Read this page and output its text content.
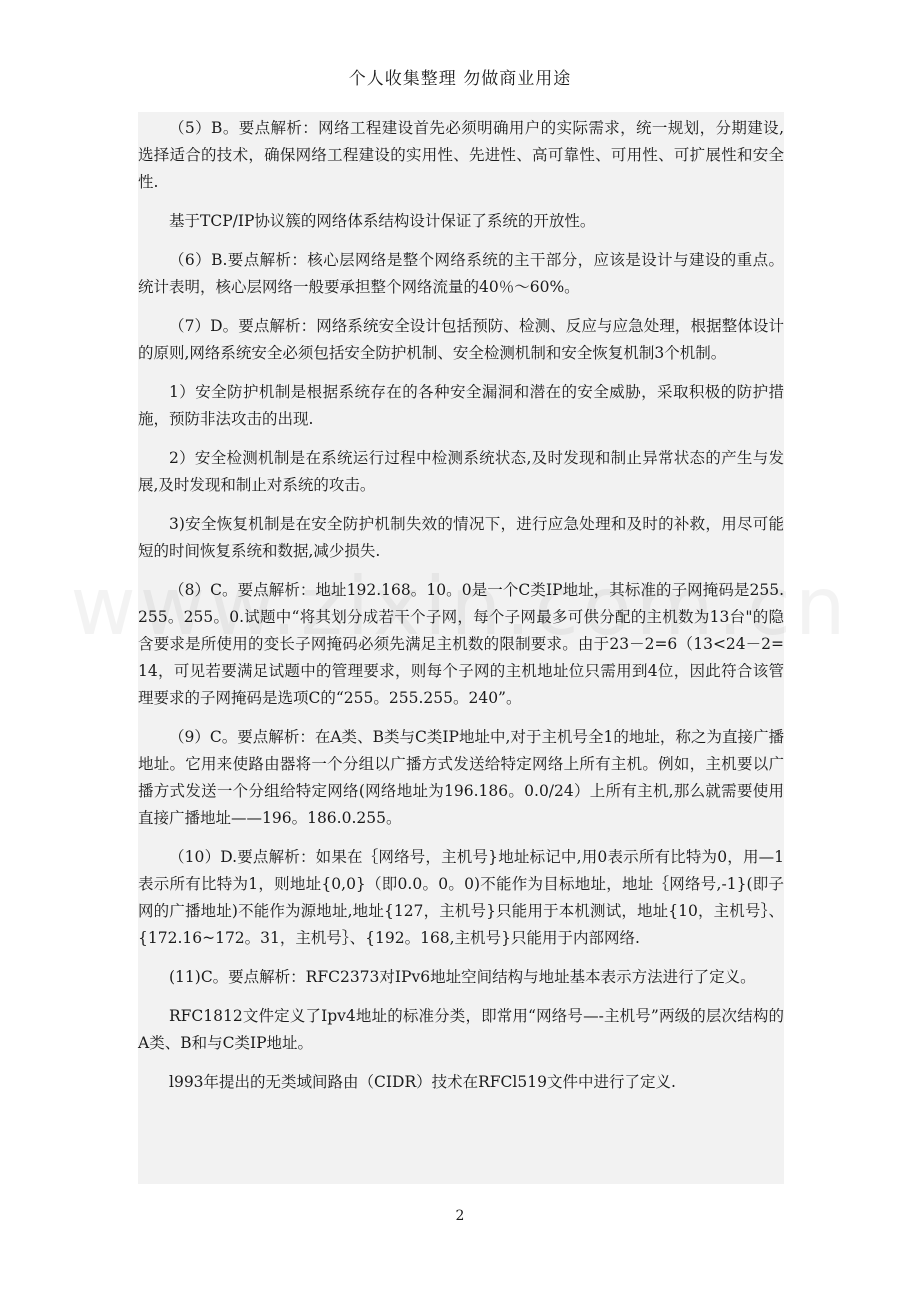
个人收集整理 勿做商业用途

（5）B。要点解析：网络工程建设首先必须明确用户的实际需求，统一规划，分期建设,选择适合的技术，确保网络工程建设的实用性、先进性、高可靠性、可用性、可扩展性和安全性.

基于TCP/IP协议簇的网络体系结构设计保证了系统的开放性。

（6）B.要点解析：核心层网络是整个网络系统的主干部分，应该是设计与建设的重点。统计表明，核心层网络一般要承担整个网络流量的40％～60%。

（7）D。要点解析：网络系统安全设计包括预防、检测、反应与应急处理，根据整体设计的原则,网络系统安全必须包括安全防护机制、安全检测机制和安全恢复机制3个机制。

1）安全防护机制是根据系统存在的各种安全漏洞和潜在的安全威胁，采取积极的防护措施，预防非法攻击的出现.

2）安全检测机制是在系统运行过程中检测系统状态,及时发现和制止异常状态的产生与发展,及时发现和制止对系统的攻击。

3)安全恢复机制是在安全防护机制失效的情况下，进行应急处理和及时的补救，用尽可能短的时间恢复系统和数据,减少损失.

（8）C。要点解析：地址192.168。10。0是一个C类IP地址，其标准的子网掩码是255.255。255。0.试题中“将其划分成若干个子网，每个子网最多可供分配的主机数为13台"的隐含要求是所使用的变长子网掩码必须先满足主机数的限制要求。由于23－2=6（13<24－2=14，可见若要满足试题中的管理要求，则每个子网的主机地址位只需用到4位，因此符合该管理要求的子网掩码是选项C的“255。255.255。240”。

（9）C。要点解析：在A类、B类与C类IP地址中,对于主机号全1的地址，称之为直接广播地址。它用来使路由器将一个分组以广播方式发送给特定网络上所有主机。例如，主机要以广播方式发送一个分组给特定网络(网络地址为196.186。0.0/24）上所有主机,那么就需要使用直接广播地址——196。186.0.255。

（10）D.要点解析：如果在｛网络号，主机号}地址标记中,用0表示所有比特为0，用—1表示所有比特为1，则地址{0,0}（即0.0。0。0)不能作为目标地址，地址｛网络号,-1}(即子网的广播地址)不能作为源地址,地址{127，主机号}只能用于本机测试，地址{10，主机号｝、{172.16~172。31，主机号｝、{192。168,主机号}只能用于内部网络.

(11)C。要点解析：RFC2373对IPv6地址空间结构与地址基本表示方法进行了定义。

RFC1812文件定义了Ipv4地址的标准分类，即常用“网络号—-主机号”两级的层次结构的A类、B和与C类IP地址。

l993年提出的无类域间路由（CIDR）技术在RFCl519文件中进行了定义.

2
